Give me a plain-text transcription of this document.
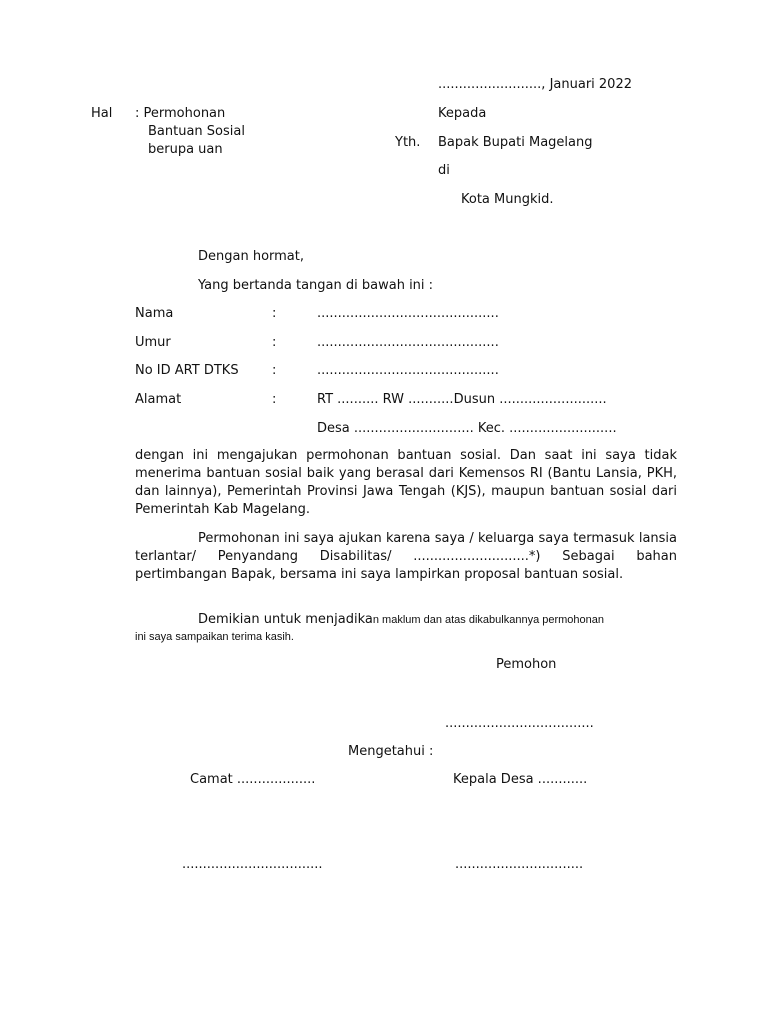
........................., Januari 2022
Hal : Permohonan
Bantuan Sosial
berupa uan
Kepada
Yth. Bapak Bupati Magelang
di
Kota Mungkid.
Dengan hormat,
Yang bertanda tangan di bawah ini :
Nama	:	............................................
Umur	:	............................................
No ID ART DTKS	:	............................................
Alamat	:	RT .......... RW ...........Dusun ..........................
Desa ............................. Kec. ..........................
dengan ini mengajukan permohonan bantuan sosial. Dan saat ini saya tidak menerima bantuan sosial baik yang berasal dari Kemensos RI (Bantu Lansia, PKH, dan lainnya), Pemerintah Provinsi Jawa Tengah (KJS), maupun bantuan sosial dari Pemerintah Kab Magelang.
Permohonan ini saya ajukan karena saya / keluarga saya termasuk lansia terlantar/ Penyandang Disabilitas/ ............................*) Sebagai bahan pertimbangan Bapak, bersama ini saya lampirkan proposal bantuan sosial.
Demikian untuk menjadikan maklum dan atas dikabulkannya permohonan
ini saya sampaikan terima kasih.
Pemohon
....................................
Mengetahui :
Camat ...................	Kepala Desa ............
..................................	...............................
